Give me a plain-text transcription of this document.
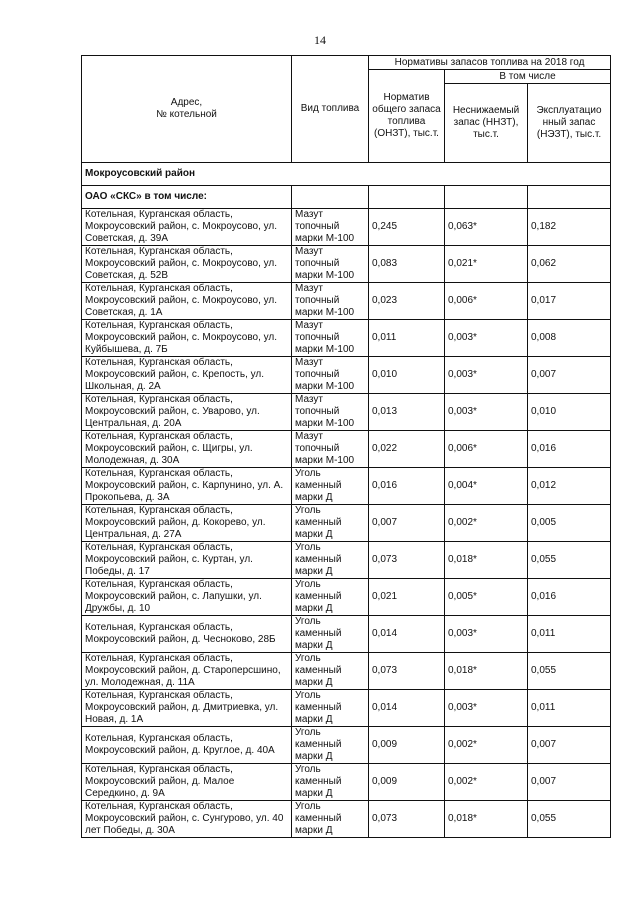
14
Адрес,
№ котельной	Вид топлива	Нормативы запасов топлива на 2018 год		
		Норматив общего запаса топлива (ОНЗТ), тыс.т.	В том числе	
			Неснижаемый запас (ННЗТ), тыс.т.	Эксплуатацио нный запас (НЭЗТ), тыс.т.
Мокроусовский район				
ОАО «СКС» в том числе:				
Котельная, Курганская область, Мокроусовский район, с. Мокроусово, ул. Советская, д. 39А	Мазут топочный марки М-100	0,245	0,063*	0,182
Котельная, Курганская область, Мокроусовский район, с. Мокроусово, ул. Советская, д. 52В	Мазут топочный марки М-100	0,083	0,021*	0,062
Котельная, Курганская область, Мокроусовский район, с. Мокроусово, ул. Советская, д. 1А	Мазут топочный марки М-100	0,023	0,006*	0,017
Котельная, Курганская область, Мокроусовский район, с. Мокроусово, ул. Куйбышева, д. 7Б	Мазут топочный марки М-100	0,011	0,003*	0,008
Котельная, Курганская область, Мокроусовский район, с. Крепость, ул. Школьная, д. 2А	Мазут топочный марки М-100	0,010	0,003*	0,007
Котельная, Курганская область, Мокроусовский район, с. Уварово, ул. Центральная, д. 20А	Мазут топочный марки М-100	0,013	0,003*	0,010
Котельная, Курганская область, Мокроусовский район, с. Щигры, ул. Молодежная, д. 30А	Мазут топочный марки М-100	0,022	0,006*	0,016
Котельная, Курганская область, Мокроусовский район, с. Карпунино, ул. А. Прокопьева, д. 3А	Уголь каменный марки Д	0,016	0,004*	0,012
Котельная, Курганская область, Мокроусовский район, д. Кокорево, ул. Центральная, д. 27А	Уголь каменный марки Д	0,007	0,002*	0,005
Котельная, Курганская область, Мокроусовский район, с. Куртан, ул. Победы, д. 17	Уголь каменный марки Д	0,073	0,018*	0,055
Котельная, Курганская область, Мокроусовский район, с. Лапушки, ул. Дружбы, д. 10	Уголь каменный марки Д	0,021	0,005*	0,016
Котельная, Курганская область, Мокроусовский район, д. Чесноково, 28Б	Уголь каменный марки Д	0,014	0,003*	0,011
Котельная, Курганская область, Мокроусовский район, д. Староперсшино, ул. Молодежная, д. 11А	Уголь каменный марки Д	0,073	0,018*	0,055
Котельная, Курганская область, Мокроусовский район, д. Дмитриевка, ул. Новая, д. 1А	Уголь каменный марки Д	0,014	0,003*	0,011
Котельная, Курганская область, Мокроусовский район, д. Круглое, д. 40А	Уголь каменный марки Д	0,009	0,002*	0,007
Котельная, Курганская область, Мокроусовский район, д. Малое Середкино, д. 9А	Уголь каменный марки Д	0,009	0,002*	0,007
Котельная, Курганская область, Мокроусовский район, с. Сунгурово, ул. 40 лет Победы, д. 30А	Уголь каменный марки Д	0,073	0,018*	0,055
